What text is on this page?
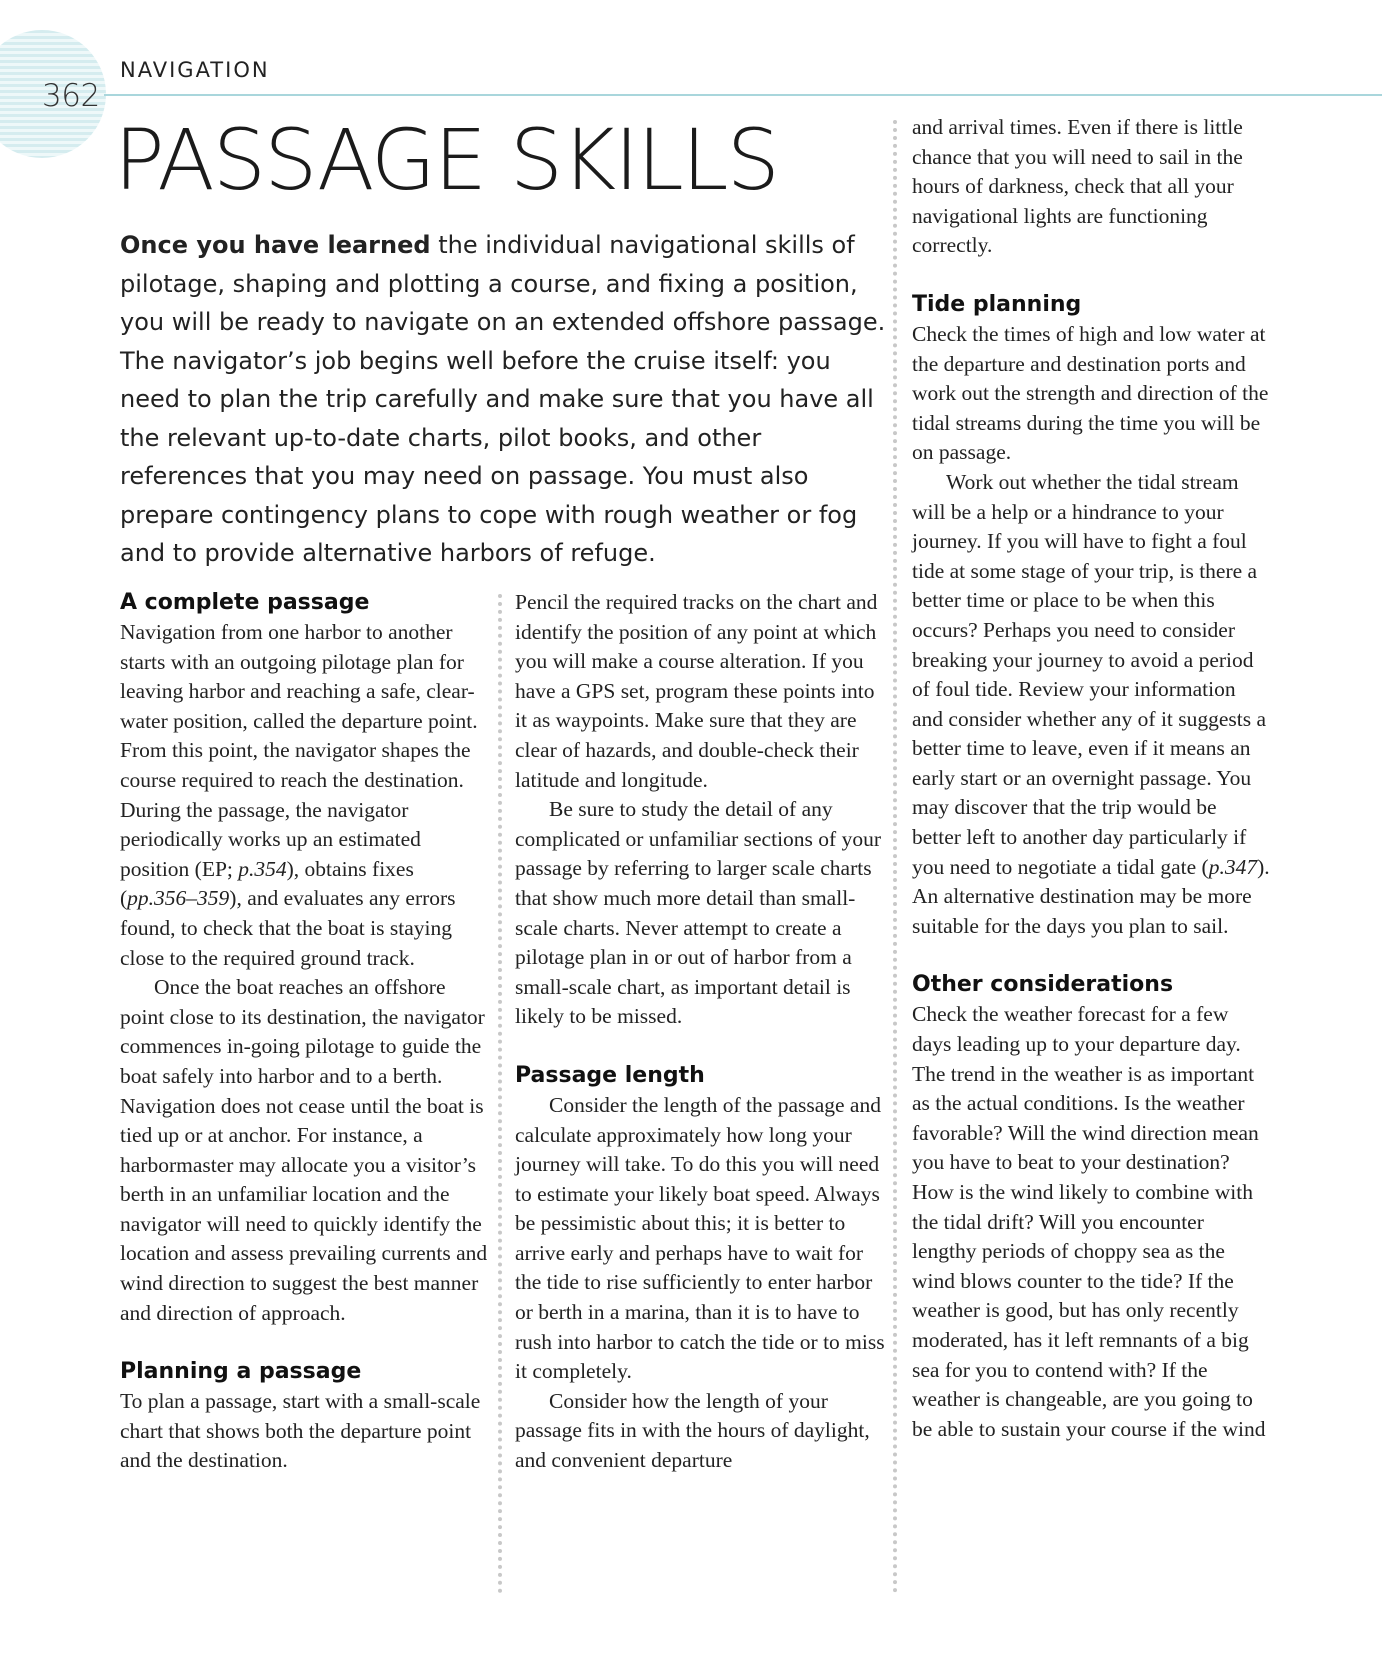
362
NAVIGATION
PASSAGE SKILLS
Once you have learned the individual navigational skills of pilotage, shaping and plotting a course, and fixing a position, you will be ready to navigate on an extended offshore passage. The navigator’s job begins well before the cruise itself: you need to plan the trip carefully and make sure that you have all the relevant up-to-date charts, pilot books, and other references that you may need on passage. You must also prepare contingency plans to cope with rough weather or fog and to provide alternative harbors of refuge.
A complete passage

Navigation from one harbor to another starts with an outgoing pilotage plan for leaving harbor and reaching a safe, clear-water position, called the departure point. From this point, the navigator shapes the course required to reach the destination. During the passage, the navigator periodically works up an estimated position (EP; p.354), obtains fixes (pp.356–359), and evaluates any errors found, to check that the boat is staying close to the required ground track.

Once the boat reaches an offshore point close to its destination, the navigator commences in-going pilotage to guide the boat safely into harbor and to a berth. Navigation does not cease until the boat is tied up or at anchor. For instance, a harbormaster may allocate you a visitor’s berth in an unfamiliar location and the navigator will need to quickly identify the location and assess prevailing currents and wind direction to suggest the best manner and direction of approach.

Planning a passage

To plan a passage, start with a small-scale chart that shows both the departure point and the destination.

Pencil the required tracks on the chart and identify the position of any point at which you will make a course alteration. If you have a GPS set, program these points into it as waypoints. Make sure that they are clear of hazards, and double-check their latitude and longitude.

Be sure to study the detail of any complicated or unfamiliar sections of your passage by referring to larger scale charts that show much more detail than small-scale charts. Never attempt to create a pilotage plan in or out of harbor from a small-scale chart, as important detail is likely to be missed.

Passage length

Consider the length of the passage and calculate approximately how long your journey will take. To do this you will need to estimate your likely boat speed. Always be pessimistic about this; it is better to arrive early and perhaps have to wait for the tide to rise sufficiently to enter harbor or berth in a marina, than it is to have to rush into harbor to catch the tide or to miss it completely.

Consider how the length of your passage fits in with the hours of daylight, and convenient departure

and arrival times. Even if there is little chance that you will need to sail in the hours of darkness, check that all your navigational lights are functioning correctly.

Tide planning

Check the times of high and low water at the departure and destination ports and work out the strength and direction of the tidal streams during the time you will be on passage.

Work out whether the tidal stream will be a help or a hindrance to your journey. If you will have to fight a foul tide at some stage of your trip, is there a better time or place to be when this occurs? Perhaps you need to consider breaking your journey to avoid a period of foul tide. Review your information and consider whether any of it suggests a better time to leave, even if it means an early start or an overnight passage. You may discover that the trip would be better left to another day particularly if you need to negotiate a tidal gate (p.347). An alternative destination may be more suitable for the days you plan to sail.

Other considerations

Check the weather forecast for a few days leading up to your departure day. The trend in the weather is as important as the actual conditions. Is the weather favorable? Will the wind direction mean you have to beat to your destination? How is the wind likely to combine with the tidal drift? Will you encounter lengthy periods of choppy sea as the wind blows counter to the tide? If the weather is good, but has only recently moderated, has it left remnants of a big sea for you to contend with? If the weather is changeable, are you going to be able to sustain your course if the wind
